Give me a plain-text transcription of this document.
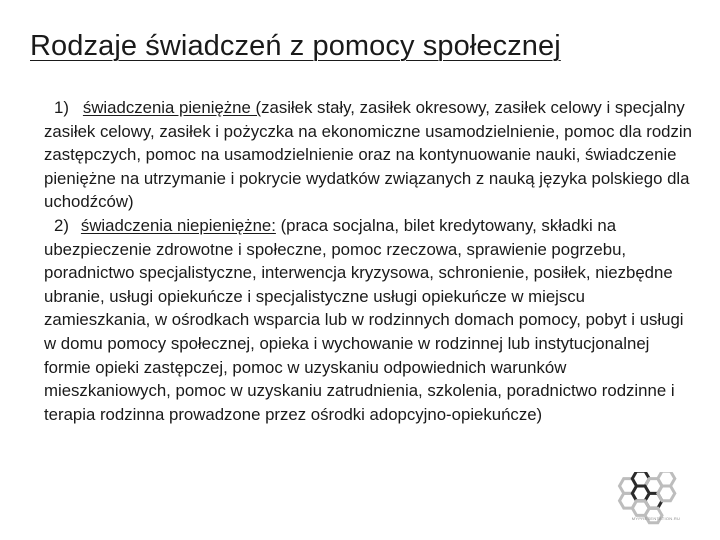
Rodzaje świadczeń z pomocy społecznej

1) świadczenia pieniężne (zasiłek stały, zasiłek okresowy, zasiłek celowy i specjalny zasiłek celowy, zasiłek i pożyczka na ekonomiczne usamodzielnienie, pomoc dla rodzin zastępczych, pomoc na usamodzielnienie oraz na kontynuowanie nauki, świadczenie pieniężne na utrzymanie i pokrycie wydatków związanych z nauką języka polskiego dla uchodźców)

2) świadczenia niepieniężne: (praca socjalna, bilet kredytowany, składki na ubezpieczenie zdrowotne i społeczne, pomoc rzeczowa, sprawienie pogrzebu, poradnictwo specjalistyczne, interwencja kryzysowa, schronienie, posiłek, niezbędne ubranie, usługi opiekuńcze i specjalistyczne usługi opiekuńcze w miejscu zamieszkania, w ośrodkach wsparcia lub w rodzinnych domach pomocy, pobyt i usługi w domu pomocy społecznej, opieka i wychowanie w rodzinnej lub instytucjonalnej formie opieki zastępczej, pomoc w uzyskaniu odpowiednich warunków mieszkaniowych, pomoc w uzyskaniu zatrudnienia, szkolenia, poradnictwo rodzinne i terapia rodzinna prowadzone przez ośrodki adopcyjno-opiekuńcze)

MYPRESENTATION.RU
